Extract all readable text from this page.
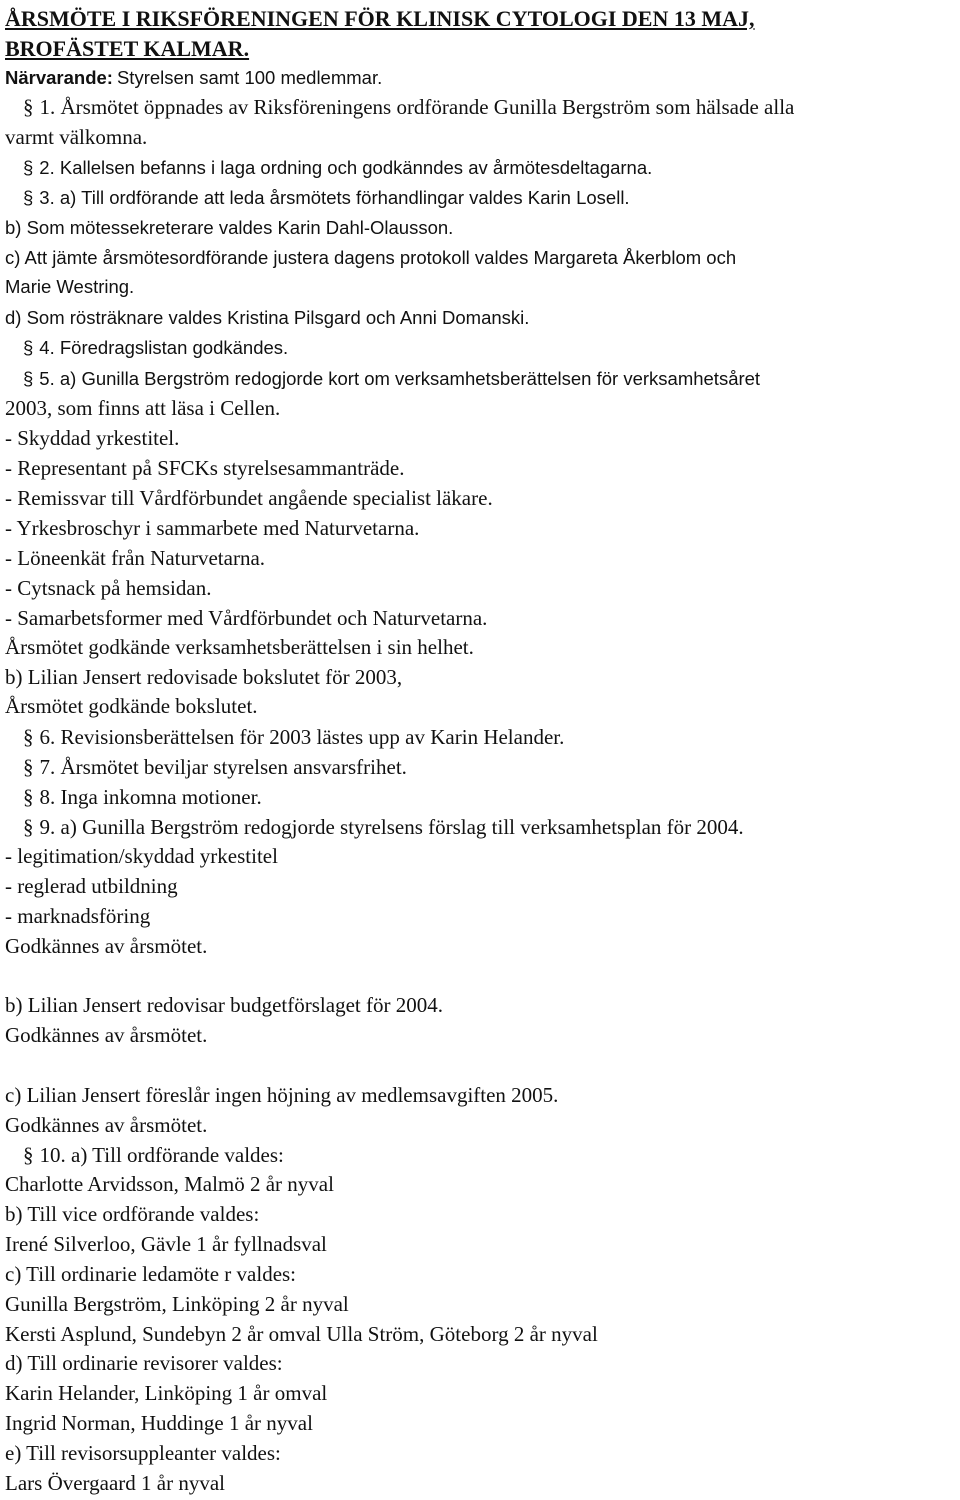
ÅRSMÖTE I RIKSFÖRENINGEN FÖR KLINISK CYTOLOGI DEN 13 MAJ,
BROFÄSTET KALMAR.
Närvarande: Styrelsen samt 100 medlemmar.
§ 1. Årsmötet öppnades av Riksföreningens ordförande Gunilla Bergström som hälsade alla
varmt välkomna.
§ 2. Kallelsen befanns i laga ordning och godkänndes av årmötesdeltagarna.
§ 3. a) Till ordförande att leda årsmötets förhandlingar valdes Karin Losell.
b) Som mötessekreterare valdes Karin Dahl-Olausson.
c) Att jämte årsmötesordförande justera dagens protokoll valdes Margareta Åkerblom och
Marie Westring.
d) Som rösträknare valdes Kristina Pilsgard och Anni Domanski.
§ 4. Föredragslistan godkändes.
§ 5. a) Gunilla Bergström redogjorde kort om verksamhetsberättelsen för verksamhetsåret
2003, som finns att läsa i Cellen.
- Skyddad yrkestitel.
- Representant på SFCKs styrelsesammanträde.
- Remissvar till Vårdförbundet angående specialist läkare.
- Yrkesbroschyr i sammarbete med Naturvetarna.
- Löneenkät från Naturvetarna.
- Cytsnack på hemsidan.
- Samarbetsformer med Vårdförbundet och Naturvetarna.
Årsmötet godkände verksamhetsberättelsen i sin helhet.
b) Lilian Jensert redovisade bokslutet för 2003,
Årsmötet godkände bokslutet.
§ 6. Revisionsberättelsen för 2003 lästes upp av Karin Helander.
§ 7. Årsmötet beviljar styrelsen ansvarsfrihet.
§ 8. Inga inkomna motioner.
§ 9. a) Gunilla Bergström redogjorde styrelsens förslag till verksamhetsplan för 2004.
- legitimation/skyddad yrkestitel
- reglerad utbildning
- marknadsföring
Godkännes av årsmötet.
b) Lilian Jensert redovisar budgetförslaget för 2004.
Godkännes av årsmötet.
c) Lilian Jensert föreslår ingen höjning av medlemsavgiften 2005.
Godkännes av årsmötet.
§ 10. a) Till ordförande valdes:
Charlotte Arvidsson, Malmö 2 år nyval
b) Till vice ordförande valdes:
Irené Silverloo, Gävle 1 år fyllnadsval
c) Till ordinarie ledamöte r valdes:
Gunilla Bergström, Linköping 2 år nyval
Kersti Asplund, Sundebyn 2 år omval Ulla Ström, Göteborg 2 år nyval
d) Till ordinarie revisorer valdes:
Karin Helander, Linköping 1 år omval
Ingrid Norman, Huddinge 1 år nyval
e) Till revisorsuppleanter valdes:
Lars Övergaard 1 år nyval
